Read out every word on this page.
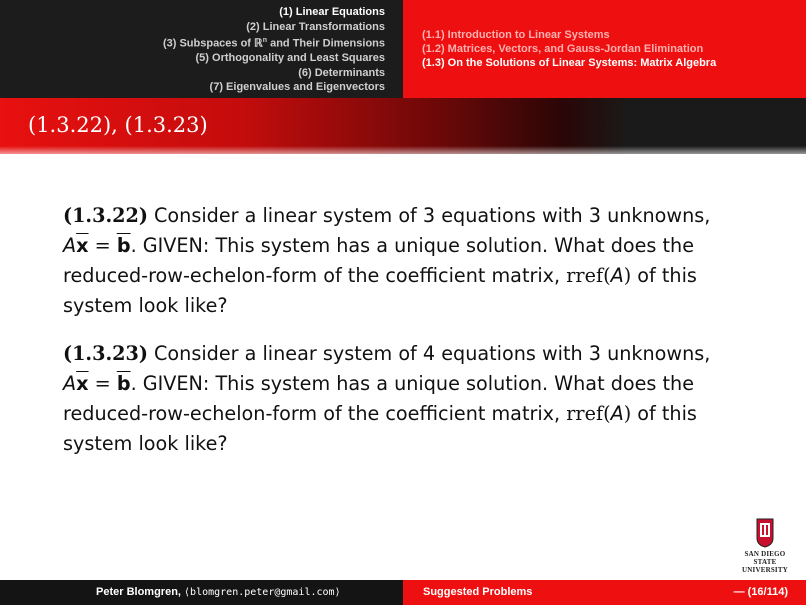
(1) Linear Equations
(2) Linear Transformations
(3) Subspaces of ℝ$^n$ and Their Dimensions
(5) Orthogonality and Least Squares
(6) Determinants
(7) Eigenvalues and Eigenvectors
(1.1) Introduction to Linear Systems
(1.2) Matrices, Vectors, and Gauss-Jordan Elimination
(1.3) On the Solutions of Linear Systems: Matrix Algebra
(1.3.22), (1.3.23)
(1.3.22) Consider a linear system of 3 equations with 3 unknowns,
$A\overline{x} = \overline{b}$. GIVEN: This system has a unique solution. What does the reduced-row-echelon-form of the coefficient matrix, rref(A) of this system look like?
(1.3.23) Consider a linear system of 4 equations with 3 unknowns,
$A\overline{x} = \overline{b}$. GIVEN: This system has a unique solution. What does the reduced-row-echelon-form of the coefficient matrix, rref(A) of this system look like?
SAN DIEGO STATE
UNIVERSITY
Peter Blomgren, ⟨blomgren.peter@gmail.com⟩	Suggested Problems	— (16/114)
